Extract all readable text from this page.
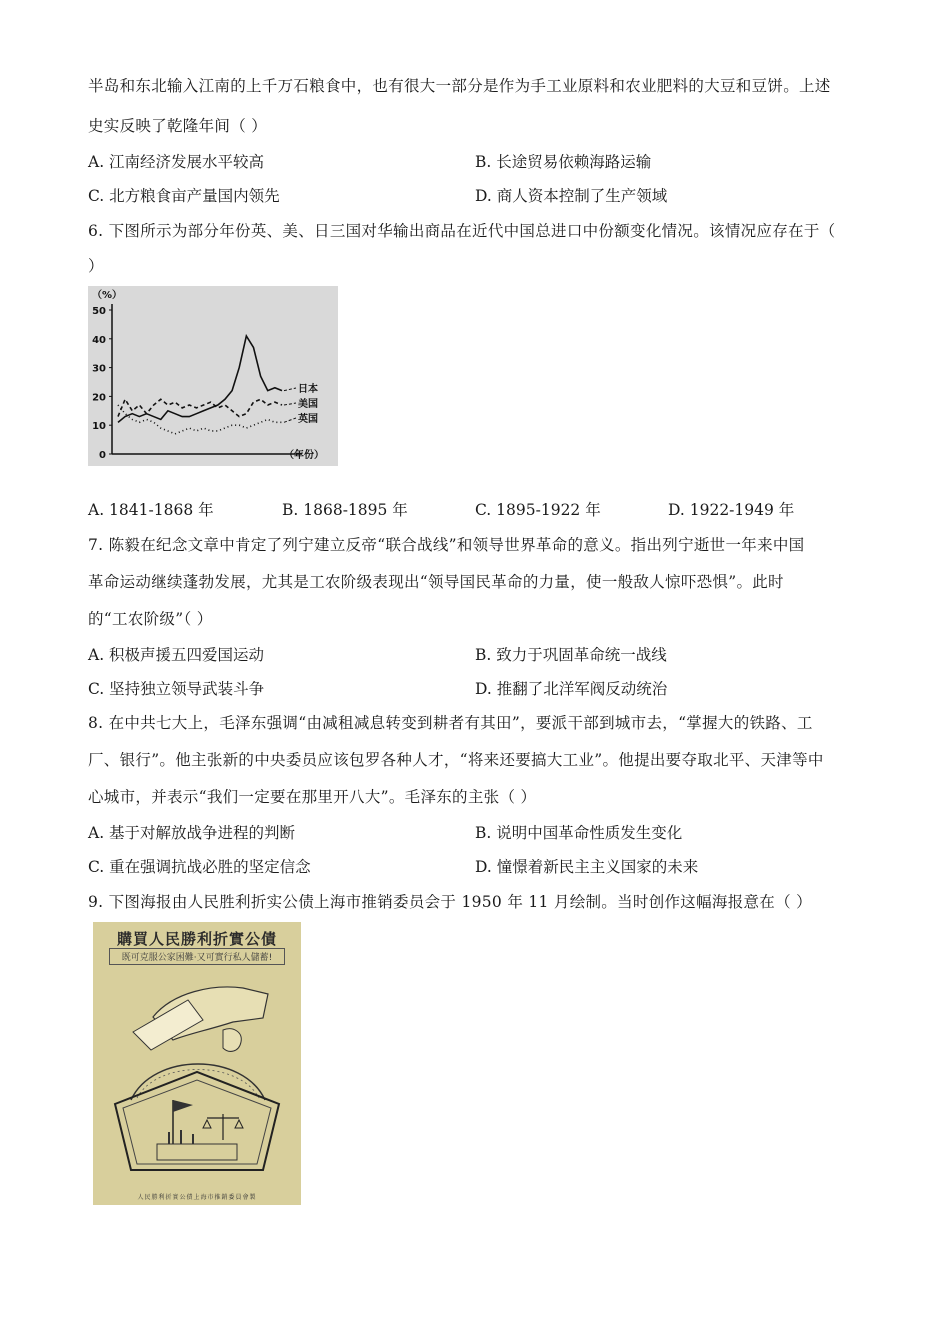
半岛和东北输入江南的上千万石粮食中，也有很大一部分是作为手工业原料和农业肥料的大豆和豆饼。上述
史实反映了乾隆年间（ ）
A. 江南经济发展水平较高	B. 长途贸易依赖海路运输
C. 北方粮食亩产量国内领先	D. 商人资本控制了生产领域
6. 下图所示为部分年份英、美、日三国对华输出商品在近代中国总进口中份额变化情况。该情况应存在于（
）
0
10
20
30
40
50
（%）
（年份）
日本
美国
英国
A. 1841-1868 年	B. 1868-1895 年	C. 1895-1922 年	D. 1922-1949 年
7. 陈毅在纪念文章中肯定了列宁建立反帝“联合战线”和领导世界革命的意义。指出列宁逝世一年来中国
革命运动继续蓬勃发展，尤其是工农阶级表现出“领导国民革命的力量，使一般敌人惊吓恐惧”。此时
的“工农阶级”（ ）
A. 积极声援五四爱国运动	B. 致力于巩固革命统一战线
C. 坚持独立领导武装斗争	D. 推翻了北洋军阀反动统治
8. 在中共七大上，毛泽东强调“由减租减息转变到耕者有其田”，要派干部到城市去，“掌握大的铁路、工
厂、银行”。他主张新的中央委员应该包罗各种人才，“将来还要搞大工业”。他提出要夺取北平、天津等中
心城市，并表示“我们一定要在那里开八大”。毛泽东的主张（ ）
A. 基于对解放战争进程的判断	B. 说明中国革命性质发生变化
C. 重在强调抗战必胜的坚定信念	D. 憧憬着新民主主义国家的未来
9. 下图海报由人民胜利折实公债上海市推销委员会于 1950 年 11 月绘制。当时创作这幅海报意在（ ）
購買人民勝利折實公債
既可克服公家困難·又可實行私人儲蓄!
人民勝利折實公債上海市推銷委員會製
